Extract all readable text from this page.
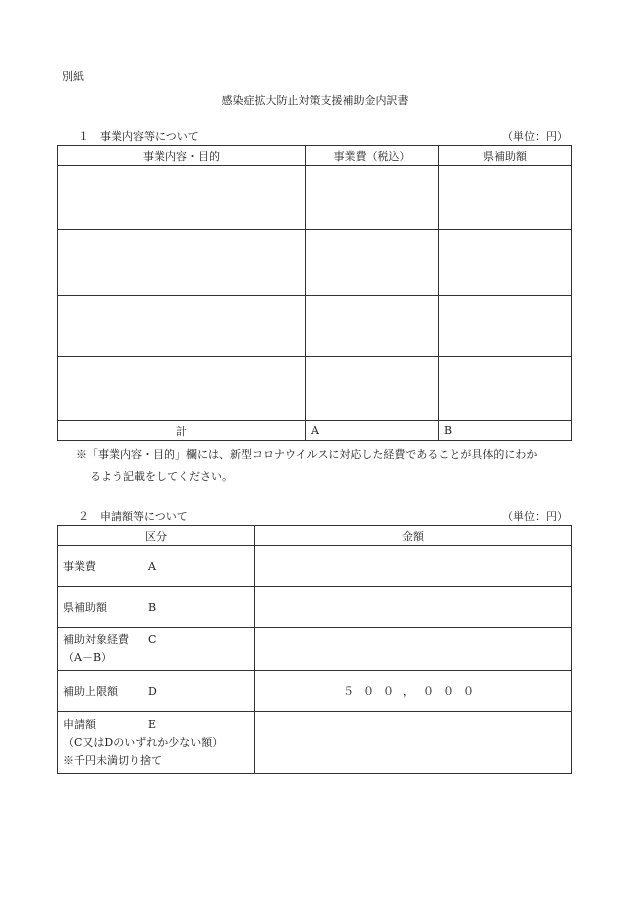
別紙
感染症拡大防止対策支援補助金内訳書
１　事業内容等について	（単位：円）
事業内容・目的	事業費（税込）	県補助額

計	A	B
※「事業内容・目的」欄には、新型コロナウイルスに対応した経費であることが具体的にわか
るよう記載をしてください。
２　申請額等について	（単位：円）
区分	金額
事業費 A	
県補助額 B	

補助対象経費 C
（A－B）	

補助上限額 D	５００，０００

申請額 E
（C又はDのいずれか少ない額）
※千円未満切り捨て	
